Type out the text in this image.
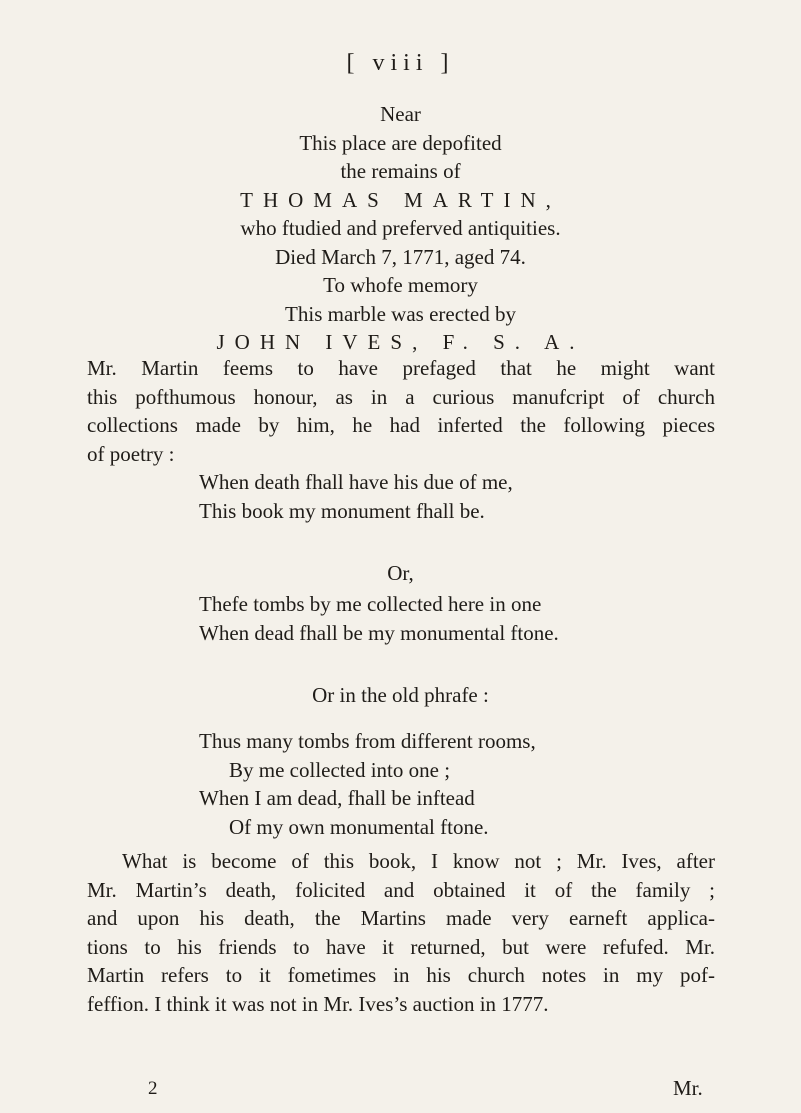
[ viii ]
Near
This place are depofited
the remains of
THOMAS MARTIN,
who ftudied and preferved antiquities.
Died March 7, 1771, aged 74.
To whofe memory
This marble was erected by
JOHN IVES, F. S. A.
Mr. Martin feems to have prefaged that he might want
this pofthumous honour, as in a curious manufcript of church
collections made by him, he had inferted the following pieces
of poetry :
When death fhall have his due of me,
This book my monument fhall be.
Or,
Thefe tombs by me collected here in one
When dead fhall be my monumental ftone.
Or in the old phrafe :
Thus many tombs from different rooms,
By me collected into one ;
When I am dead, fhall be inftead
Of my own monumental ftone.
What is become of this book, I know not ; Mr. Ives, after
Mr. Martin’s death, folicited and obtained it of the family ;
and upon his death, the Martins made very earneft applica-
tions to his friends to have it returned, but were refufed. Mr.
Martin refers to it fometimes in his church notes in my pof-
feffion. I think it was not in Mr. Ives’s auction in 1777.
2	Mr.
